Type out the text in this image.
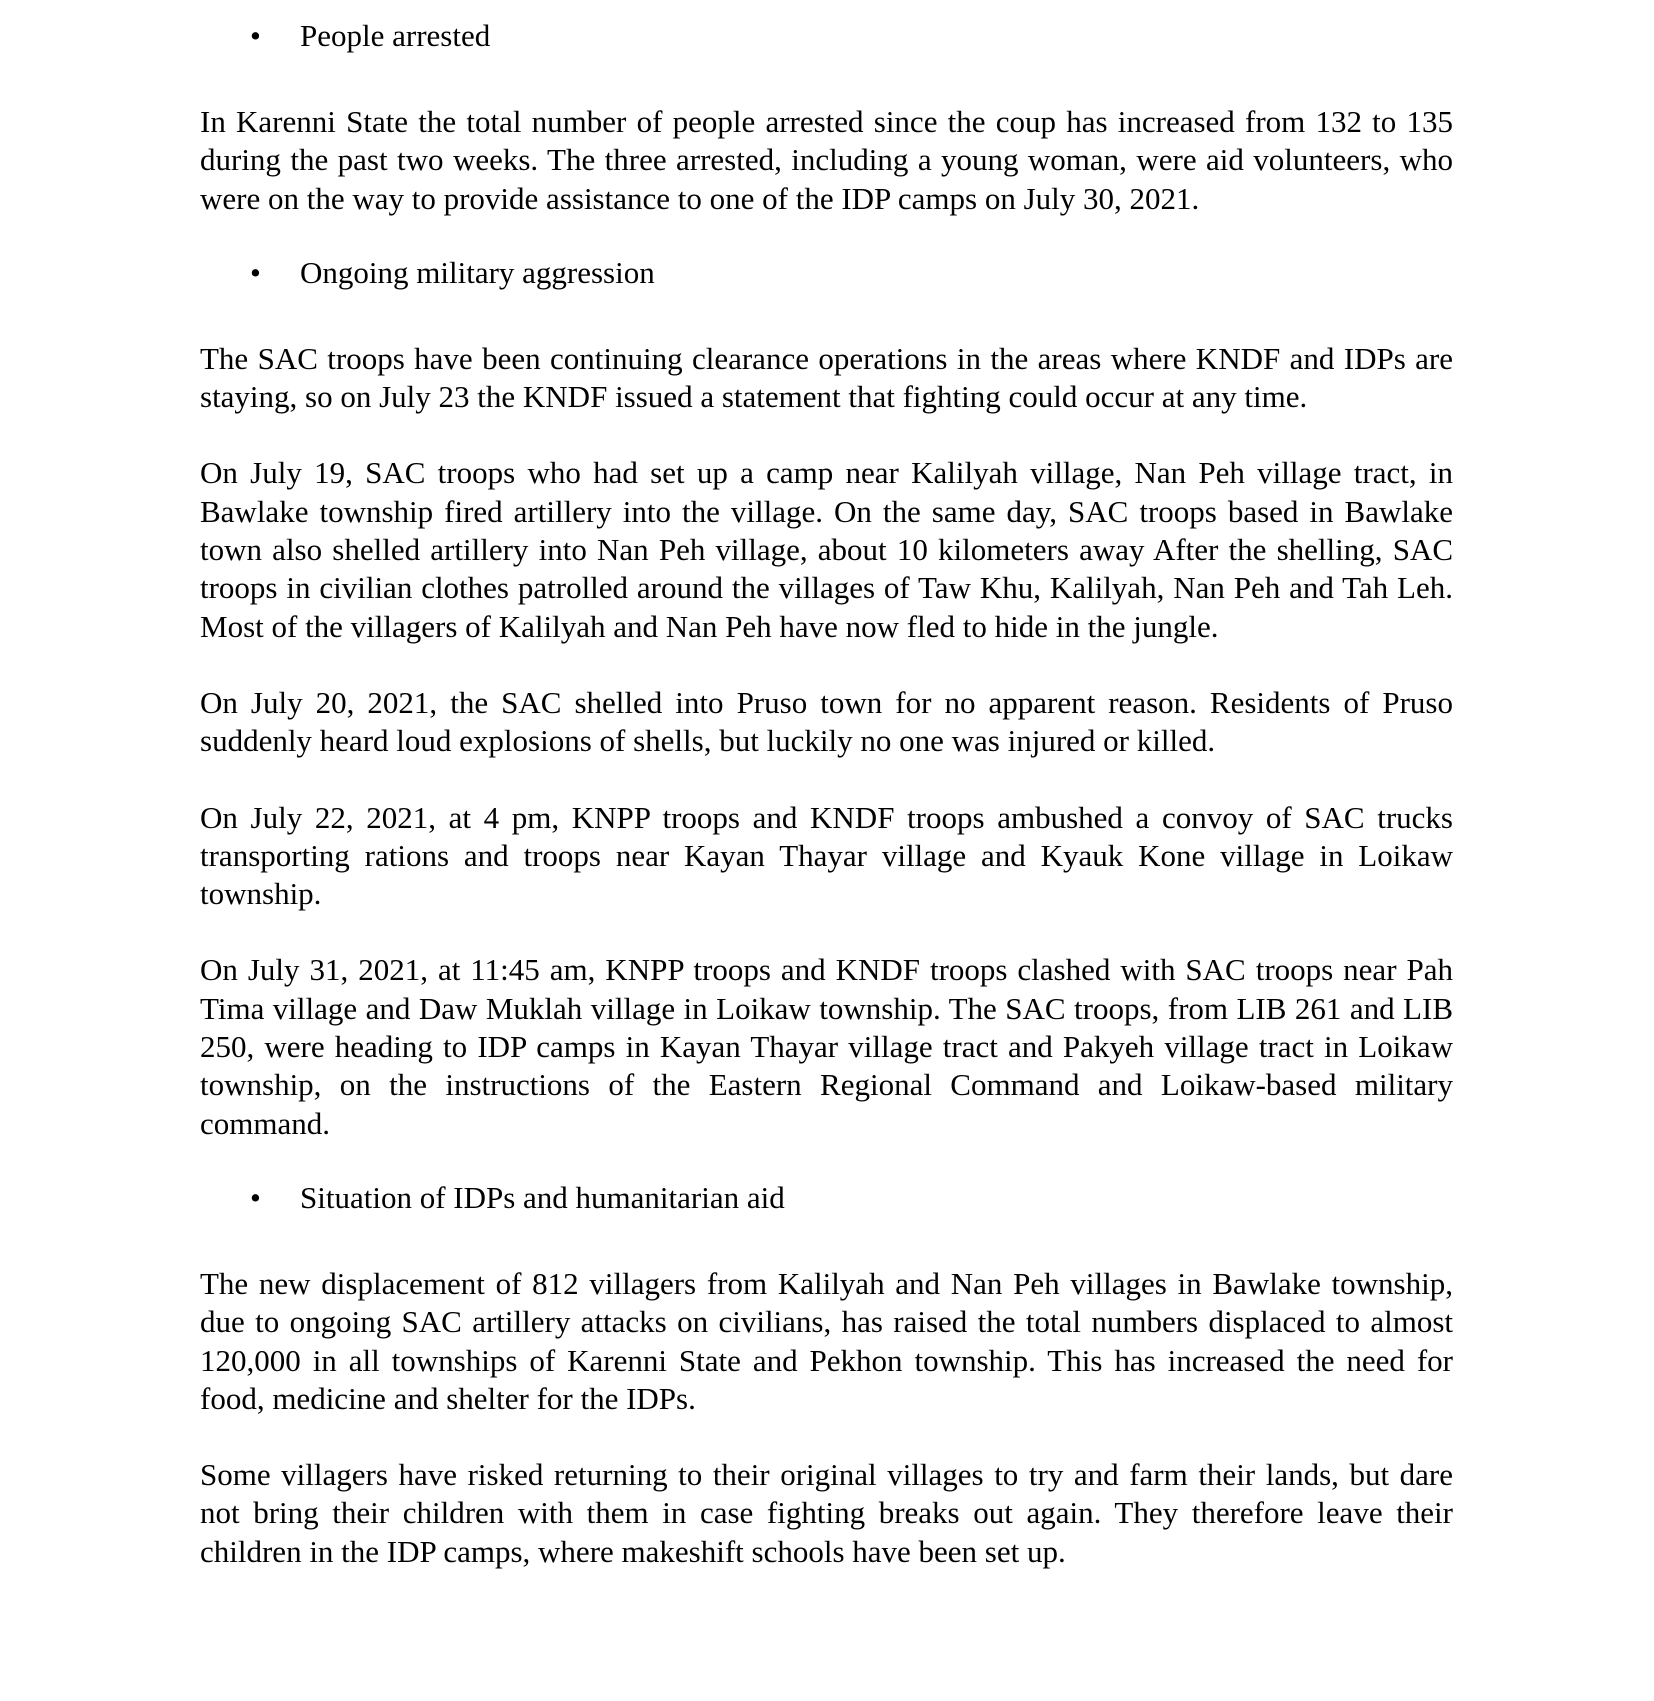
• People arrested

In Karenni State the total number of people arrested since the coup has increased from 132 to 135 during the past two weeks. The three arrested, including a young woman, were aid volunteers, who were on the way to provide assistance to one of the IDP camps on July 30, 2021.

• Ongoing military aggression

The SAC troops have been continuing clearance operations in the areas where KNDF and IDPs are staying, so on July 23 the KNDF issued a statement that fighting could occur at any time.

On July 19, SAC troops who had set up a camp near Kalilyah village, Nan Peh village tract, in Bawlake township fired artillery into the village. On the same day, SAC troops based in Bawlake town also shelled artillery into Nan Peh village, about 10 kilometers away After the shelling, SAC troops in civilian clothes patrolled around the villages of Taw Khu, Kalilyah, Nan Peh and Tah Leh. Most of the villagers of Kalilyah and Nan Peh have now fled to hide in the jungle.

On July 20, 2021, the SAC shelled into Pruso town for no apparent reason. Residents of Pruso suddenly heard loud explosions of shells, but luckily no one was injured or killed.

On July 22, 2021, at 4 pm, KNPP troops and KNDF troops ambushed a convoy of SAC trucks transporting rations and troops near Kayan Thayar village and Kyauk Kone village in Loikaw township.

On July 31, 2021, at 11:45 am, KNPP troops and KNDF troops clashed with SAC troops near Pah Tima village and Daw Muklah village in Loikaw township. The SAC troops, from LIB 261 and LIB 250, were heading to IDP camps in Kayan Thayar village tract and Pakyeh village tract in Loikaw township, on the instructions of the Eastern Regional Command and Loikaw-based military command.

• Situation of IDPs and humanitarian aid

The new displacement of 812 villagers from Kalilyah and Nan Peh villages in Bawlake township, due to ongoing SAC artillery attacks on civilians, has raised the total numbers displaced to almost 120,000 in all townships of Karenni State and Pekhon township. This has increased the need for food, medicine and shelter for the IDPs.

Some villagers have risked returning to their original villages to try and farm their lands, but dare not bring their children with them in case fighting breaks out again. They therefore leave their children in the IDP camps, where makeshift schools have been set up.
